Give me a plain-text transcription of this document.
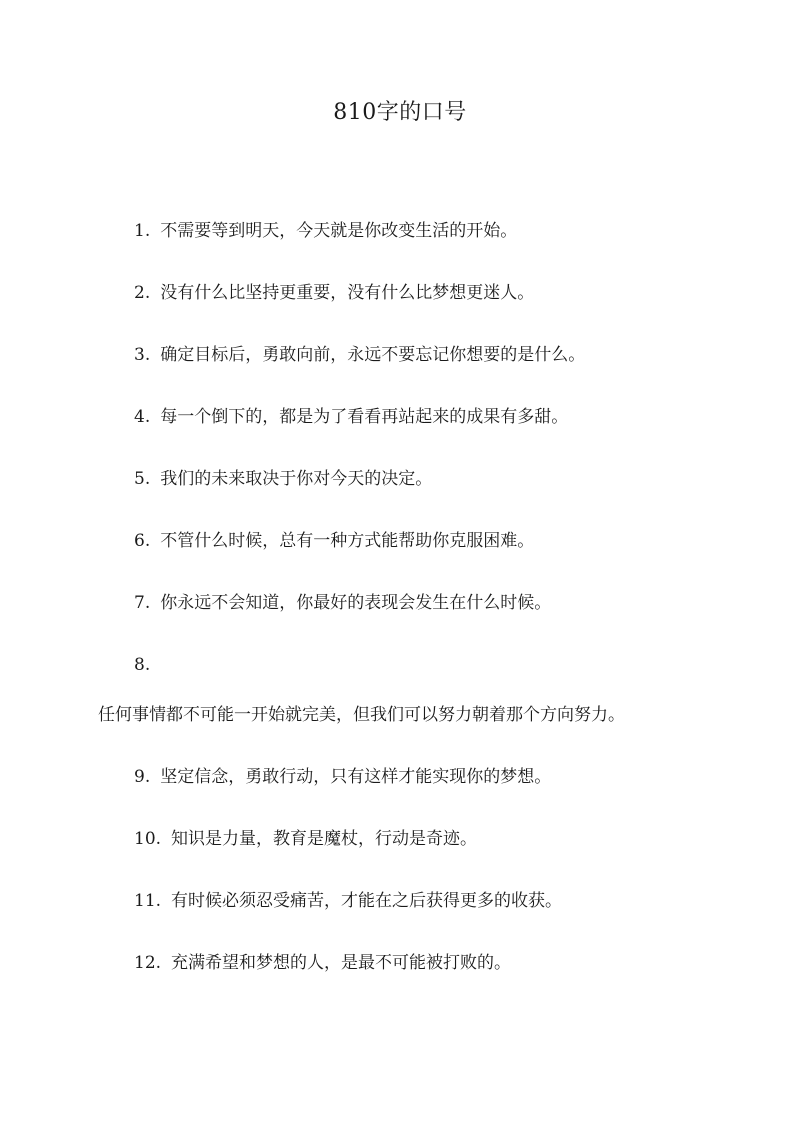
810字的口号
1. 不需要等到明天，今天就是你改变生活的开始。
2. 没有什么比坚持更重要，没有什么比梦想更迷人。
3. 确定目标后，勇敢向前，永远不要忘记你想要的是什么。
4. 每一个倒下的，都是为了看看再站起来的成果有多甜。
5. 我们的未来取决于你对今天的决定。
6. 不管什么时候，总有一种方式能帮助你克服困难。
7. 你永远不会知道，你最好的表现会发生在什么时候。
8.
任何事情都不可能一开始就完美，但我们可以努力朝着那个方向努力。
9. 坚定信念，勇敢行动，只有这样才能实现你的梦想。
10. 知识是力量，教育是魔杖，行动是奇迹。
11. 有时候必须忍受痛苦，才能在之后获得更多的收获。
12. 充满希望和梦想的人，是最不可能被打败的。
